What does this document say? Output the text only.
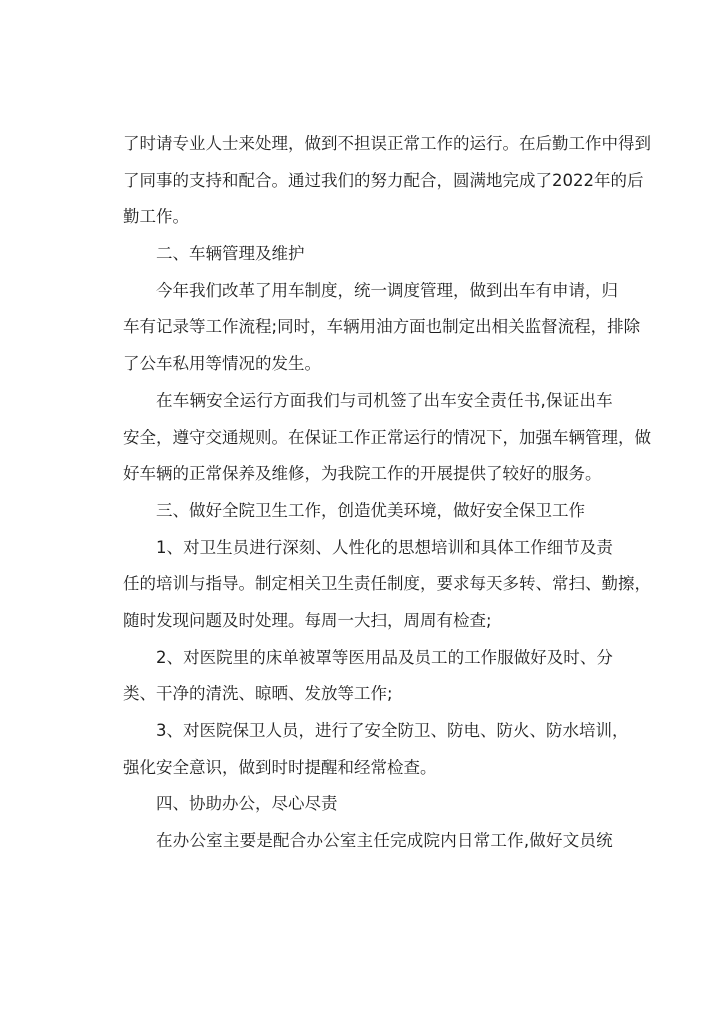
了 时 请 专 业 人 士 来 处 理 ， 做 到 不 担 误 正 常 工 作 的 运 行 。 在 后 勤 工 作 中 得 到
了 同 事 的 支 持 和 配 合 。 通 过 我 们 的 努 力 配 合 ， 圆 满 地 完 成 了 2022 年 的 后
勤工作。
二、车辆管理及维护
今 年 我 们 改 革 了 用 车 制 度 ， 统 一 调 度 管 理 ， 做 到 出 车 有 申 请 ， 归
车 有 记 录 等 工 作 流 程 ; 同 时 ， 车 辆 用 油 方 面 也 制 定 出 相 关 监 督 流 程 ， 排 除
了公车私用等情况的发生。
在 车 辆 安 全 运 行 方 面 我 们 与 司 机 签 了 出 车 安 全 责 任 书 , 保 证 出 车
安 全 ， 遵 守 交 通 规 则 。 在 保 证 工 作 正 常 运 行 的 情 况 下 ， 加 强 车 辆 管 理 ， 做
好车辆的正常保养及维修，为我院工作的开展提供了较好的服务。
三、做好全院卫生工作，创造优美环境，做好安全保卫工作
1 、 对 卫 生 员 进 行 深 刻 、 人 性 化 的 思 想 培 训 和 具 体 工 作 细 节 及 责
任 的 培 训 与 指 导 。 制 定 相 关 卫 生 责 任 制 度 ， 要 求 每 天 多 转 、 常 扫 、 勤 擦 ，
随时发现问题及时处理。每周一大扫，周周有检查;
2 、 对 医 院 里 的 床 单 被 罩 等 医 用 品 及 员 工 的 工 作 服 做 好 及 时 、 分
类、干净的清洗、晾晒、发放等工作;
3 、 对 医 院 保 卫 人 员 ， 进 行 了 安 全 防 卫 、 防 电 、 防 火 、 防 水 培 训 ，
强化安全意识，做到时时提醒和经常检查。
四、协助办公，尽心尽责
在 办 公 室 主 要 是 配 合 办 公 室 主 任 完 成 院 内 日 常 工 作 , 做 好 文 员 统
